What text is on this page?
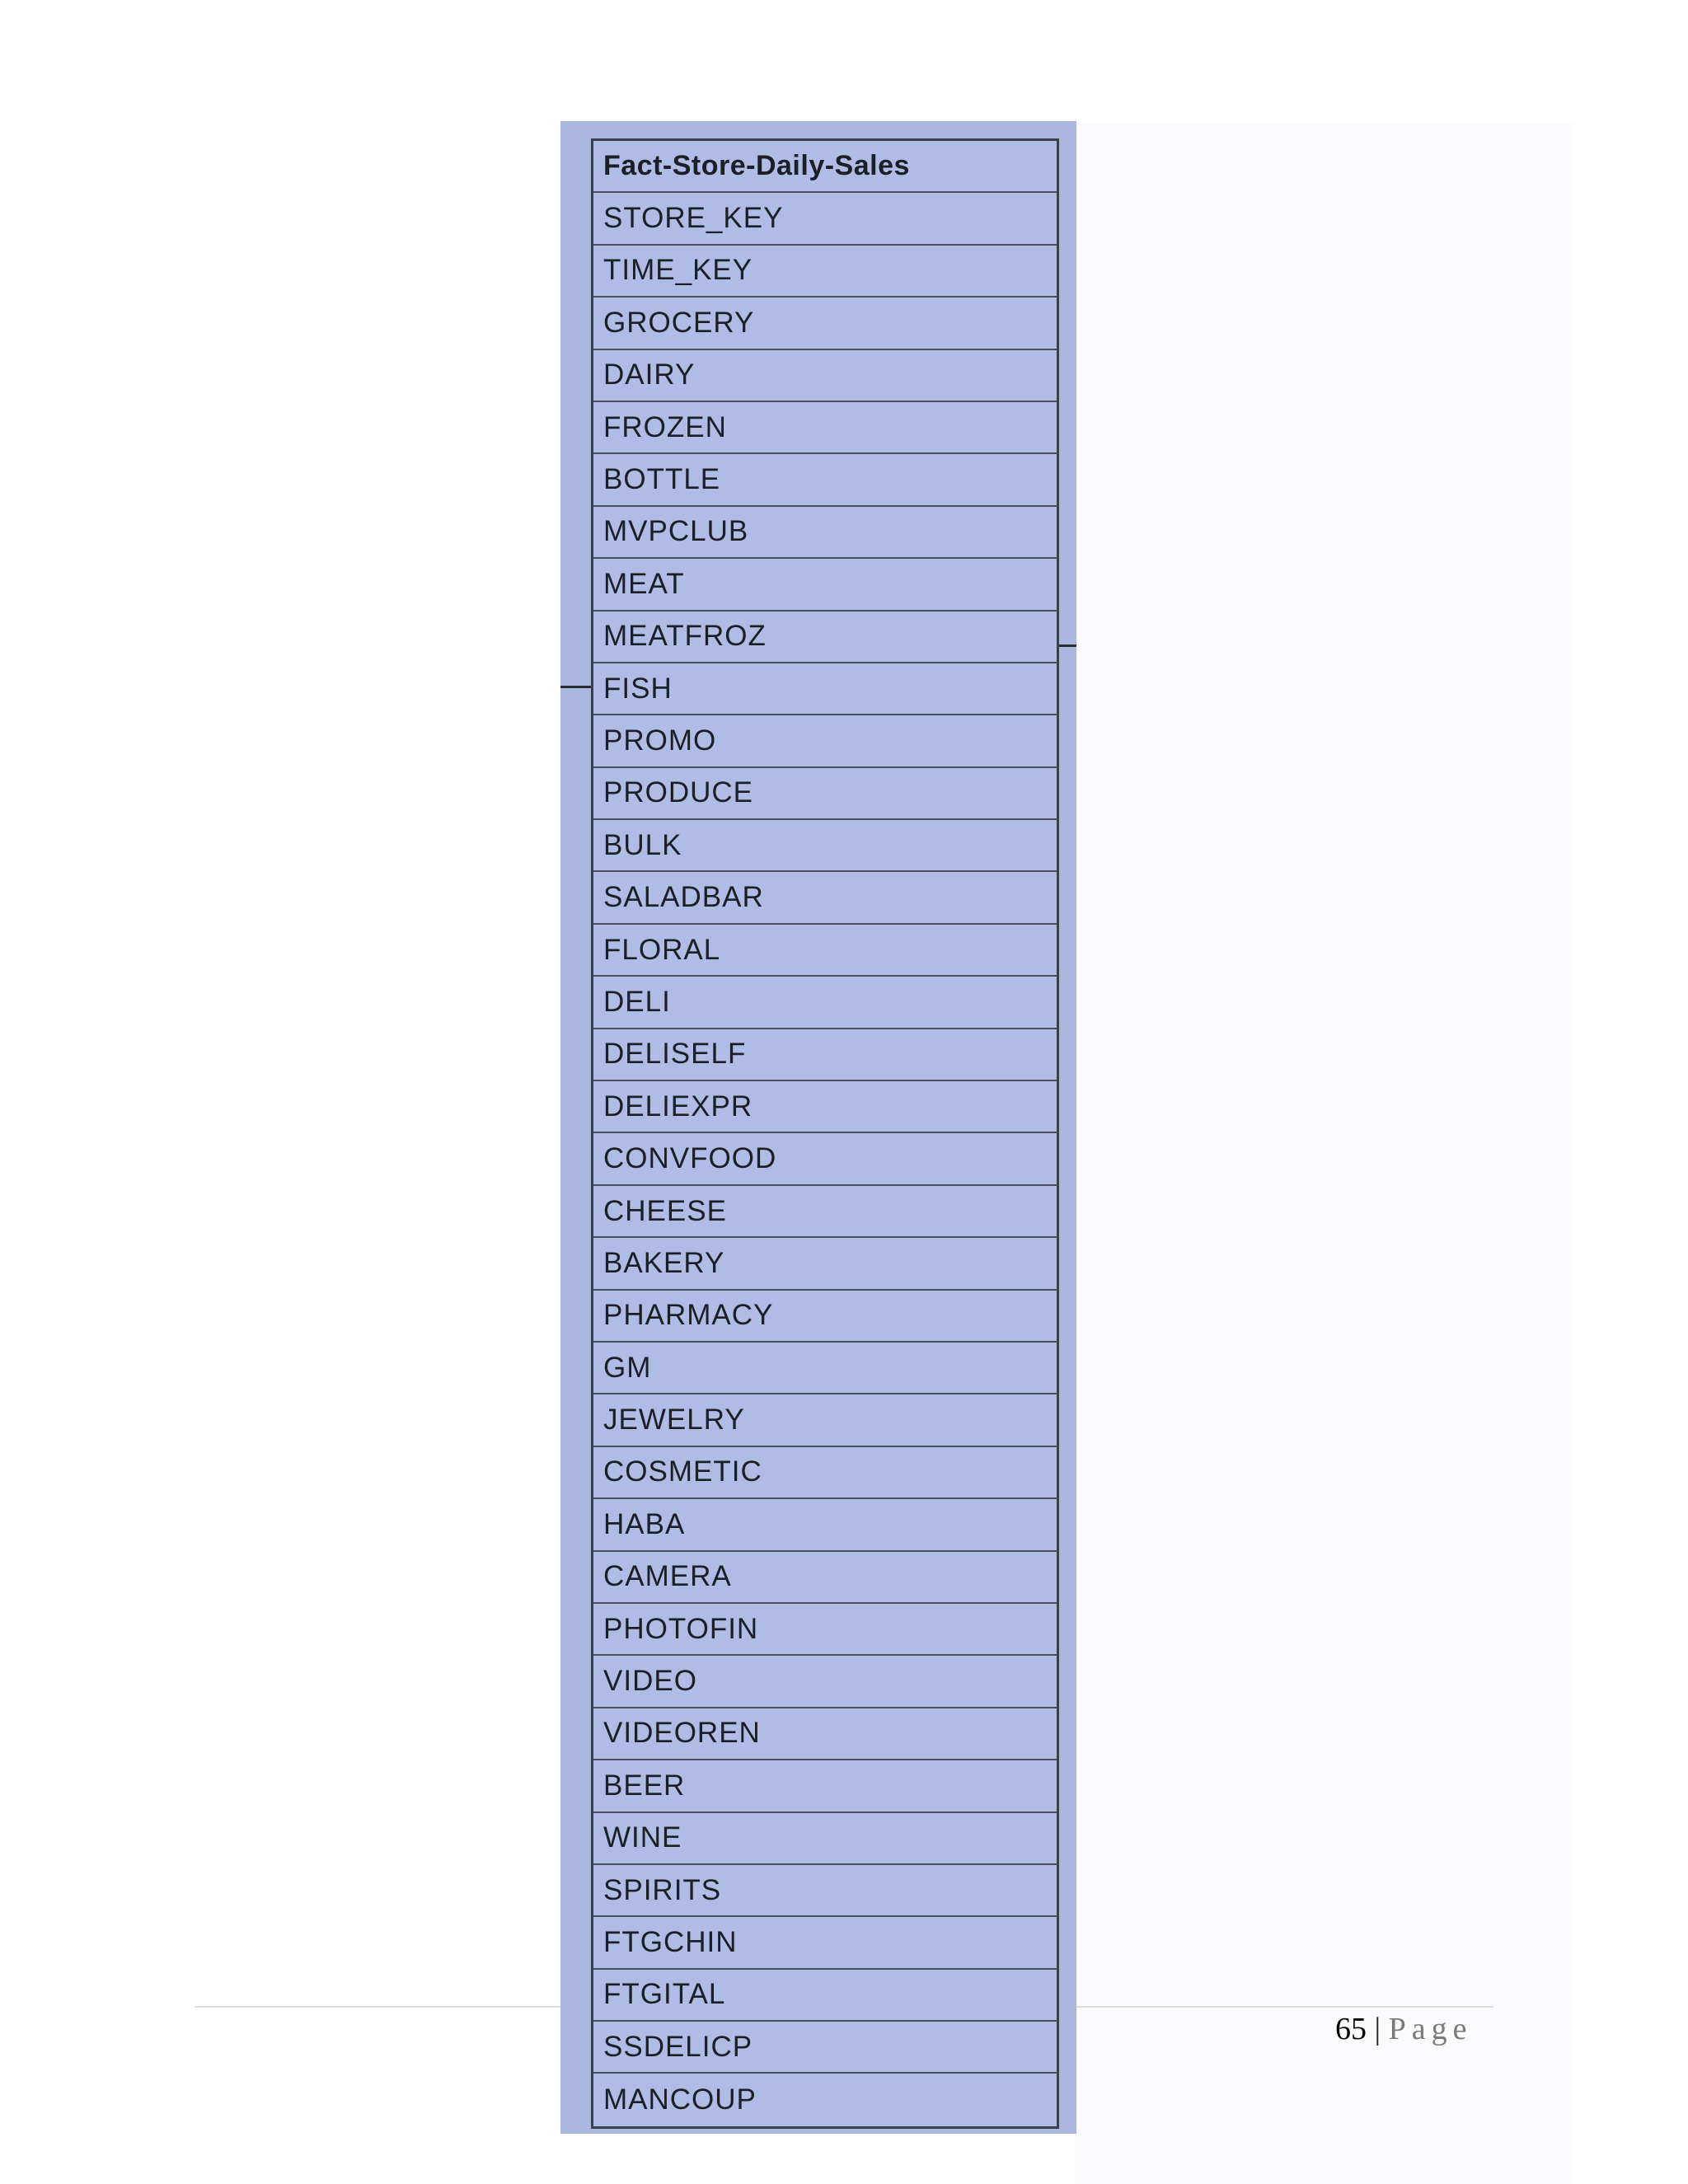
Fact-Store-Daily-Sales
STORE_KEY
TIME_KEY
GROCERY
DAIRY
FROZEN
BOTTLE
MVPCLUB
MEAT
MEATFROZ
FISH
PROMO
PRODUCE
BULK
SALADBAR
FLORAL
DELI
DELISELF
DELIEXPR
CONVFOOD
CHEESE
BAKERY
PHARMACY
GM
JEWELRY
COSMETIC
HABA
CAMERA
PHOTOFIN
VIDEO
VIDEOREN
BEER
WINE
SPIRITS
FTGCHIN
FTGITAL
SSDELICP
MANCOUP
65 | Page
